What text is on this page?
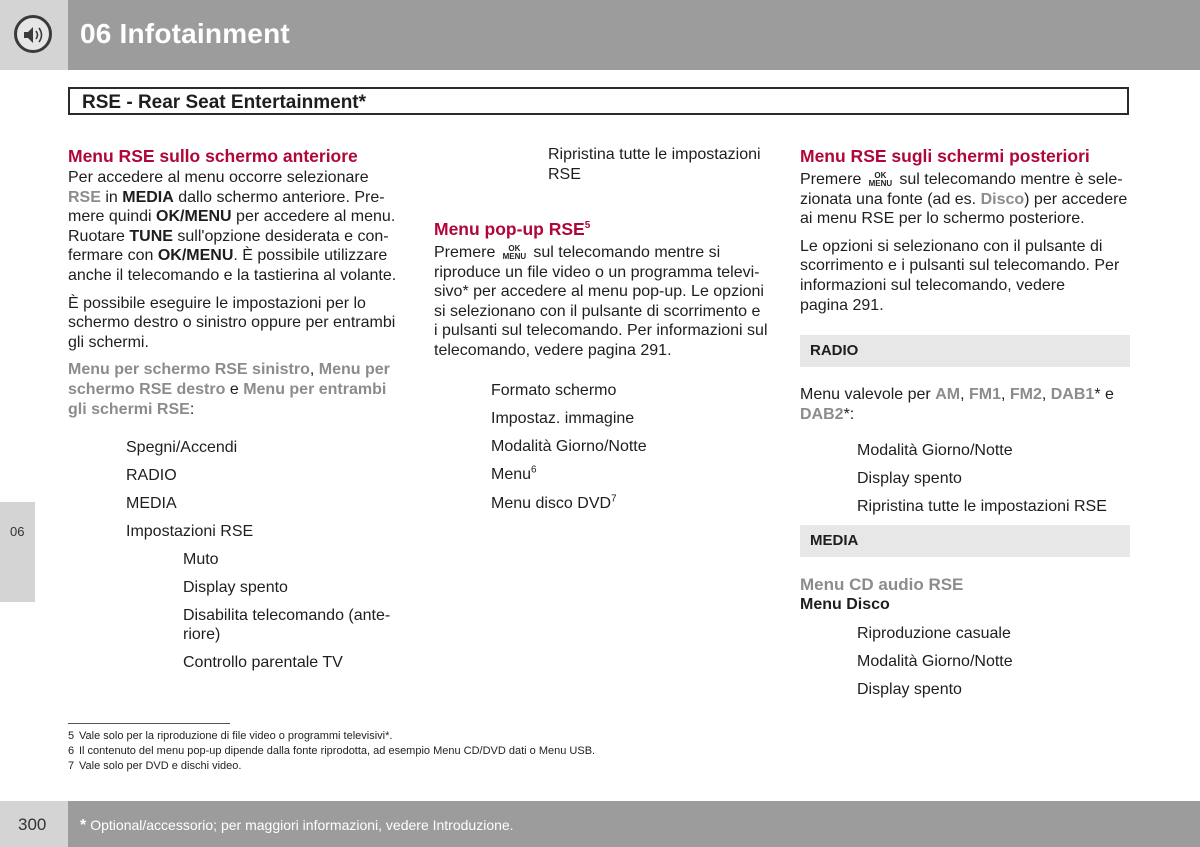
06 Infotainment
RSE - Rear Seat Entertainment*
06

Menu RSE sullo schermo anteriore

Per accedere al menu occorre selezionare

RSE in MEDIA dallo schermo anteriore. Pre-

mere quindi OK/MENU per accedere al menu.

Ruotare TUNE sull'opzione desiderata e con-

fermare con OK/MENU. È possibile utilizzare

anche il telecomando e la tastierina al volante.

È possibile eseguire le impostazioni per lo

schermo destro o sinistro oppure per entrambi

gli schermi.

Menu per schermo RSE sinistro, Menu per

schermo RSE destro e Menu per entrambi

gli schermi RSE:

Spegni/Accendi
RADIO
MEDIA
Impostazioni RSE
Muto
Display spento
Disabilita telecomando (ante-
riore)
Controllo parentale TV
Ripristina tutte le impostazioni
RSE

Menu pop-up RSE$^5$

Premere OK
MENU sul telecomando mentre si

riproduce un file video o un programma televi-

sivo* per accedere al menu pop-up. Le opzioni

si selezionano con il pulsante di scorrimento e

i pulsanti sul telecomando. Per informazioni sul

telecomando, vedere pagina 291.

Formato schermo
Impostaz. immagine
Modalità Giorno/Notte
Menu$^6$
Menu disco DVD$^7$

Menu RSE sugli schermi posteriori

Premere OK
MENU sul telecomando mentre è sele-

zionata una fonte (ad es. Disco) per accedere

ai menu RSE per lo schermo posteriore.

Le opzioni si selezionano con il pulsante di

scorrimento e i pulsanti sul telecomando. Per

informazioni sul telecomando, vedere

pagina 291.

RADIO

Menu valevole per AM, FM1, FM2, DAB1* e

DAB2*:

Modalità Giorno/Notte
Display spento
Ripristina tutte le impostazioni RSE
MEDIA

Menu CD audio RSE

Menu Disco

Riproduzione casuale
Modalità Giorno/Notte
Display spento
5 Vale solo per la riproduzione di file video o programmi televisivi*.
6 Il contenuto del menu pop-up dipende dalla fonte riprodotta, ad esempio Menu CD/DVD dati o Menu USB.
7 Vale solo per DVD e dischi video.
300 * Optional/accessorio; per maggiori informazioni, vedere Introduzione.
